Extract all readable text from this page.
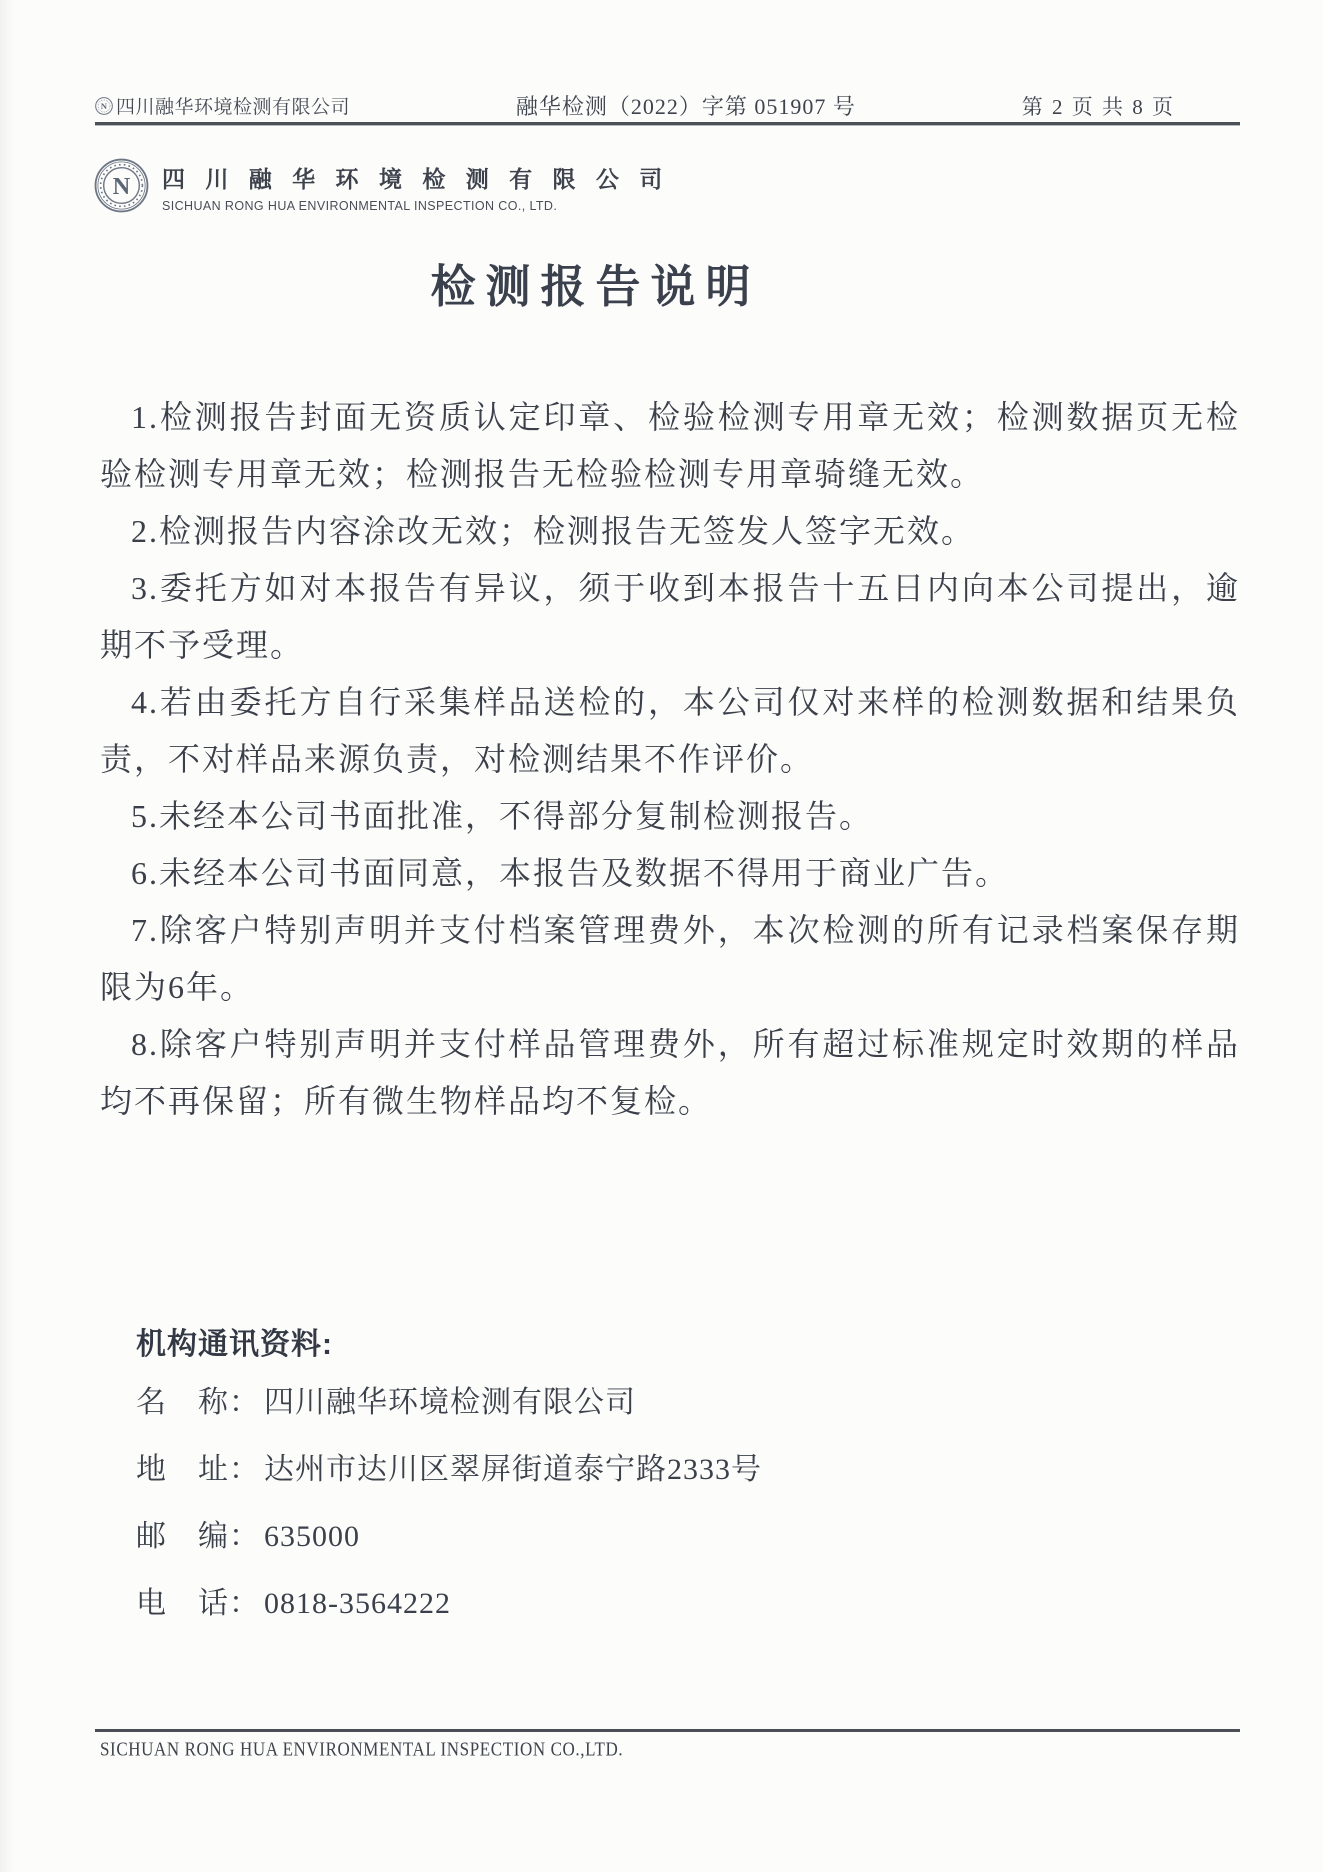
N 四川融华环境检测有限公司	融华检测（2022）字第 051907 号	第 2 页 共 8 页
N 四 川 融 华 环 境 检 测 有 限 公 司
SICHUAN RONG HUA ENVIRONMENTAL INSPECTION CO., LTD.
检测报告说明

1.检测报告封面无资质认定印章、检验检测专用章无效；检测数据页无检验检测专用章无效；检测报告无检验检测专用章骑缝无效。

2.检测报告内容涂改无效；检测报告无签发人签字无效。

3.委托方如对本报告有异议，须于收到本报告十五日内向本公司提出，逾期不予受理。

4.若由委托方自行采集样品送检的，本公司仅对来样的检测数据和结果负责，不对样品来源负责，对检测结果不作评价。

5.未经本公司书面批准，不得部分复制检测报告。

6.未经本公司书面同意，本报告及数据不得用于商业广告。

7.除客户特别声明并支付档案管理费外，本次检测的所有记录档案保存期限为6年。

8.除客户特别声明并支付样品管理费外，所有超过标准规定时效期的样品均不再保留；所有微生物样品均不复检。

机构通讯资料:
名　称： 四川融华环境检测有限公司
地　址： 达州市达川区翠屏街道泰宁路2333号
邮　编： 635000
电　话： 0818-3564222
SICHUAN RONG HUA ENVIRONMENTAL INSPECTION CO.,LTD.
